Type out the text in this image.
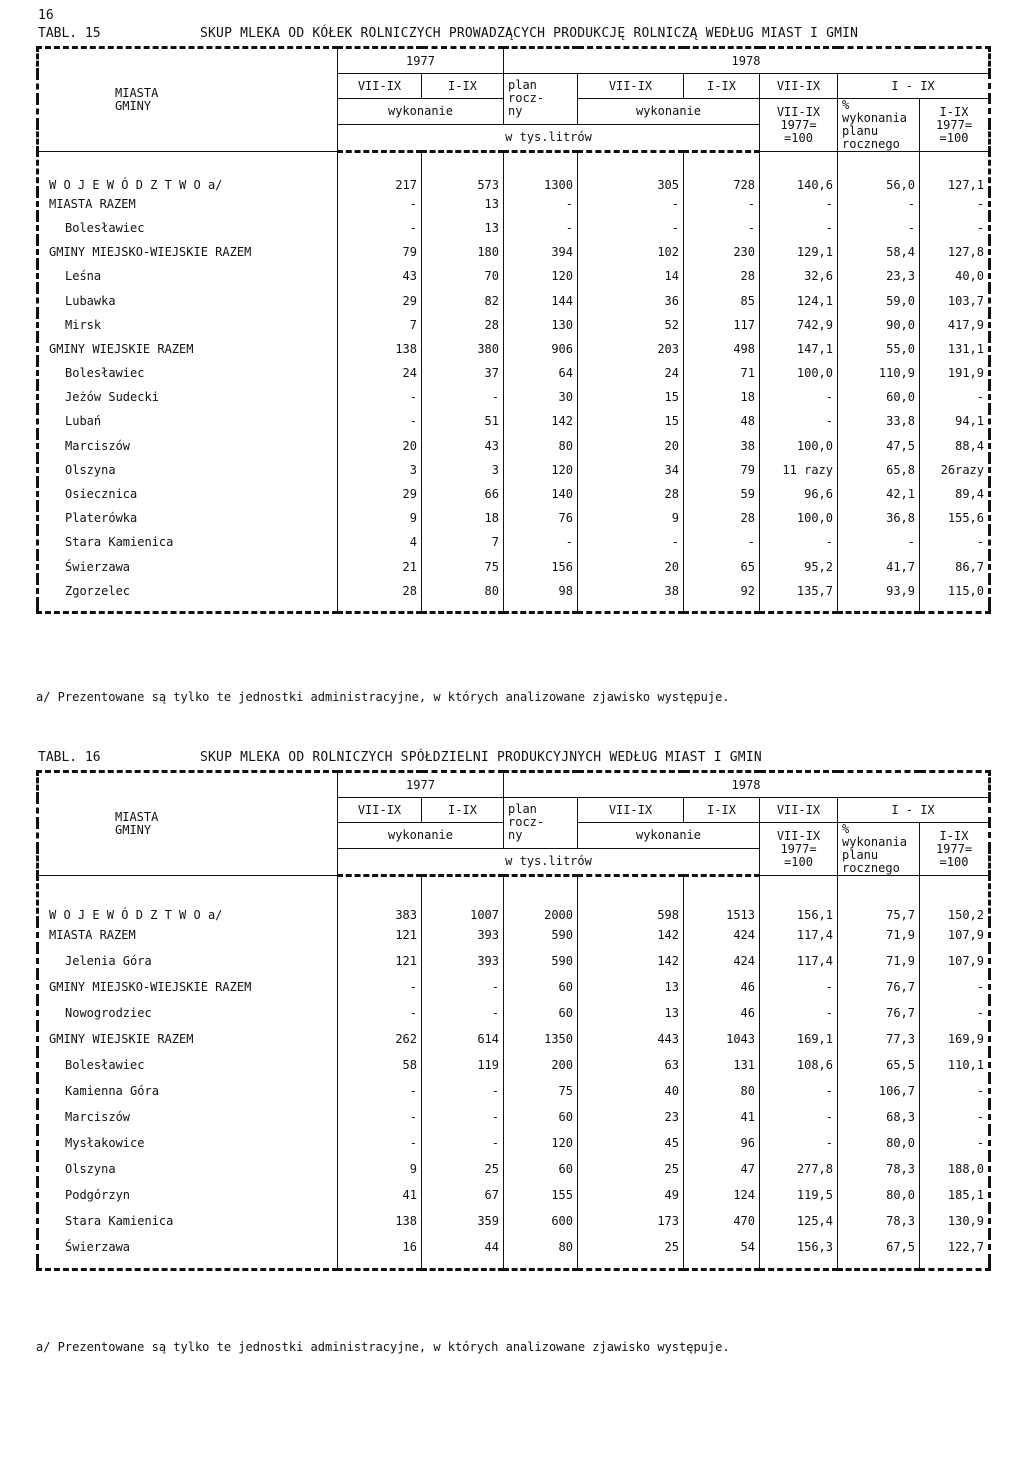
16
TABL. 15	SKUP MLEKA OD KÓŁEK ROLNICZYCH PROWADZĄCYCH PRODUKCJĘ ROLNICZĄ WEDŁUG MIAST I GMIN
MIASTA
GMINY	1977		1978					
	VII-IX	I-IX	plan
rocz-
ny	VII-IX	I-IX	VII-IX	I - IX	
	wykonanie			wykonanie		VII-IX 1977=
=100	% wykonania planu rocznego	I-IX 1977=
=100
	w tys.litrów							
W O J E W Ó D Z T W O a/	217	573	1300	305	728	140,6	56,0	127,1
MIASTA RAZEM	-	13	-	-	-	-	-	-
Bolesławiec	-	13	-	-	-	-	-	-
GMINY MIEJSKO-WIEJSKIE RAZEM	79	180	394	102	230	129,1	58,4	127,8
Leśna	43	70	120	14	28	32,6	23,3	40,0
Lubawka	29	82	144	36	85	124,1	59,0	103,7
Mirsk	7	28	130	52	117	742,9	90,0	417,9
GMINY WIEJSKIE RAZEM	138	380	906	203	498	147,1	55,0	131,1
Bolesławiec	24	37	64	24	71	100,0	110,9	191,9
Jeżów Sudecki	-	-	30	15	18	-	60,0	-
Lubań	-	51	142	15	48	-	33,8	94,1
Marciszów	20	43	80	20	38	100,0	47,5	88,4
Olszyna	3	3	120	34	79	11 razy	65,8	26razy
Osiecznica	29	66	140	28	59	96,6	42,1	89,4
Platerówka	9	18	76	9	28	100,0	36,8	155,6
Stara Kamienica	4	7	-	-	-	-	-	-
Świerzawa	21	75	156	20	65	95,2	41,7	86,7
Zgorzelec	28	80	98	38	92	135,7	93,9	115,0

a/ Prezentowane są tylko te jednostki administracyjne, w których analizowane zjawisko występuje.
TABL. 16	SKUP MLEKA OD ROLNICZYCH SPÓŁDZIELNI PRODUKCYJNYCH WEDŁUG MIAST I GMIN
MIASTA
GMINY	1977		1978					
	VII-IX	I-IX	plan
rocz-
ny	VII-IX	I-IX	VII-IX	I - IX	
	wykonanie			wykonanie		VII-IX 1977=
=100	% wykonania planu rocznego	I-IX 1977=
=100
	w tys.litrów							
W O J E W Ó D Z T W O a/	383	1007	2000	598	1513	156,1	75,7	150,2
MIASTA RAZEM	121	393	590	142	424	117,4	71,9	107,9
Jelenia Góra	121	393	590	142	424	117,4	71,9	107,9
GMINY MIEJSKO-WIEJSKIE RAZEM	-	-	60	13	46	-	76,7	-
Nowogrodziec	-	-	60	13	46	-	76,7	-
GMINY WIEJSKIE RAZEM	262	614	1350	443	1043	169,1	77,3	169,9
Bolesławiec	58	119	200	63	131	108,6	65,5	110,1
Kamienna Góra	-	-	75	40	80	-	106,7	-
Marciszów	-	-	60	23	41	-	68,3	-
Mysłakowice	-	-	120	45	96	-	80,0	-
Olszyna	9	25	60	25	47	277,8	78,3	188,0
Podgórzyn	41	67	155	49	124	119,5	80,0	185,1
Stara Kamienica	138	359	600	173	470	125,4	78,3	130,9
Świerzawa	16	44	80	25	54	156,3	67,5	122,7

a/ Prezentowane są tylko te jednostki administracyjne, w których analizowane zjawisko występuje.
